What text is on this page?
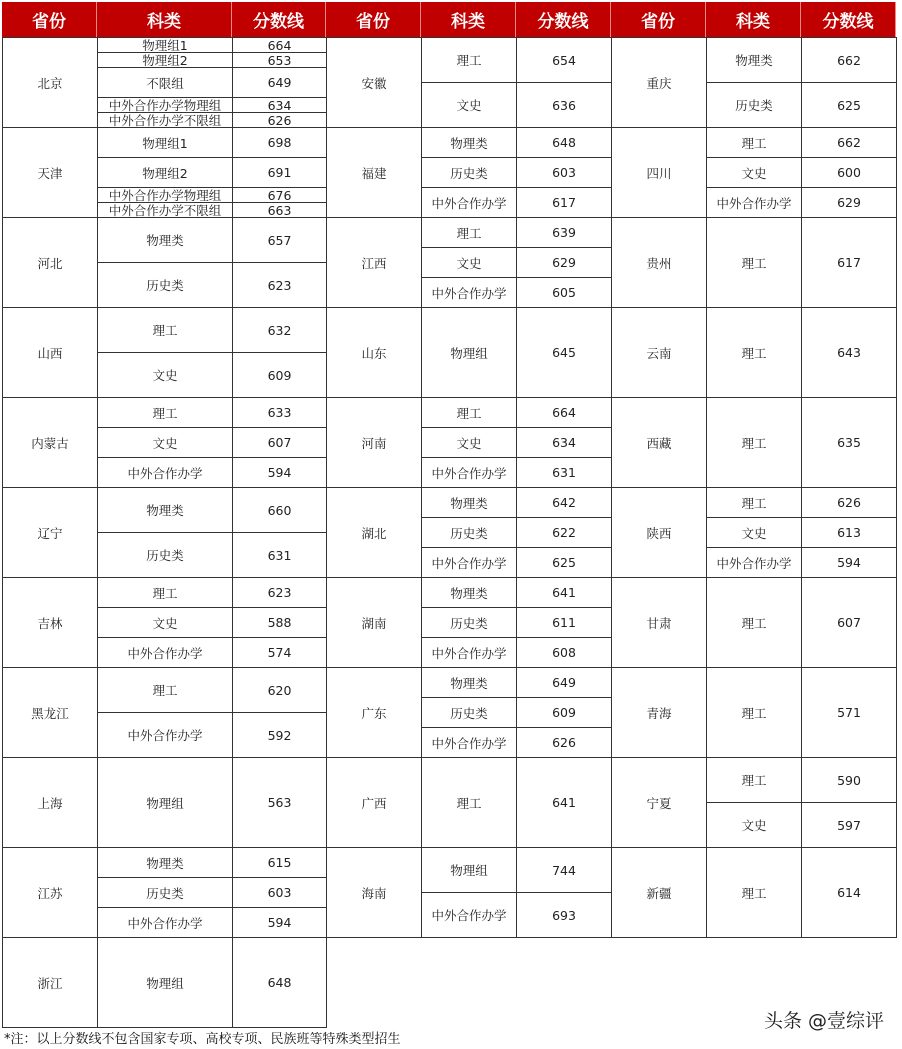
省份	科类	分数线
北京
物理组1	664
物理组2	653
不限组	649
中外合作办学物理组	634
中外合作办学不限组	626
天津
物理组1	698
物理组2	691
中外合作办学物理组	676
中外合作办学不限组	663
河北
物理类	657
历史类	623
山西
理工	632
文史	609
内蒙古
理工	633
文史	607
中外合作办学	594
辽宁
物理类	660
历史类	631
吉林
理工	623
文史	588
中外合作办学	574
黑龙江
理工	620
中外合作办学	592
上海	物理组	563
江苏
物理类	615
历史类	603
中外合作办学	594
浙江	物理组	648
省份	科类	分数线
安徽
理工	654
文史	636
福建
物理类	648
历史类	603
中外合作办学	617
江西
理工	639
文史	629
中外合作办学	605
山东	物理组	645
河南
理工	664
文史	634
中外合作办学	631
湖北
物理类	642
历史类	622
中外合作办学	625
湖南
物理类	641
历史类	611
中外合作办学	608
广东
物理类	649
历史类	609
中外合作办学	626
广西	理工	641
海南
物理组	744
中外合作办学	693
省份	科类	分数线
重庆
物理类	662
历史类	625
四川
理工	662
文史	600
中外合作办学	629
贵州	理工	617
云南	理工	643
西藏	理工	635
陕西
理工	626
文史	613
中外合作办学	594
甘肃	理工	607
青海	理工	571
宁夏
理工	590
文史	597
新疆	理工	614
*注：以上分数线不包含国家专项、高校专项、民族班等特殊类型招生
头条 @壹综评
